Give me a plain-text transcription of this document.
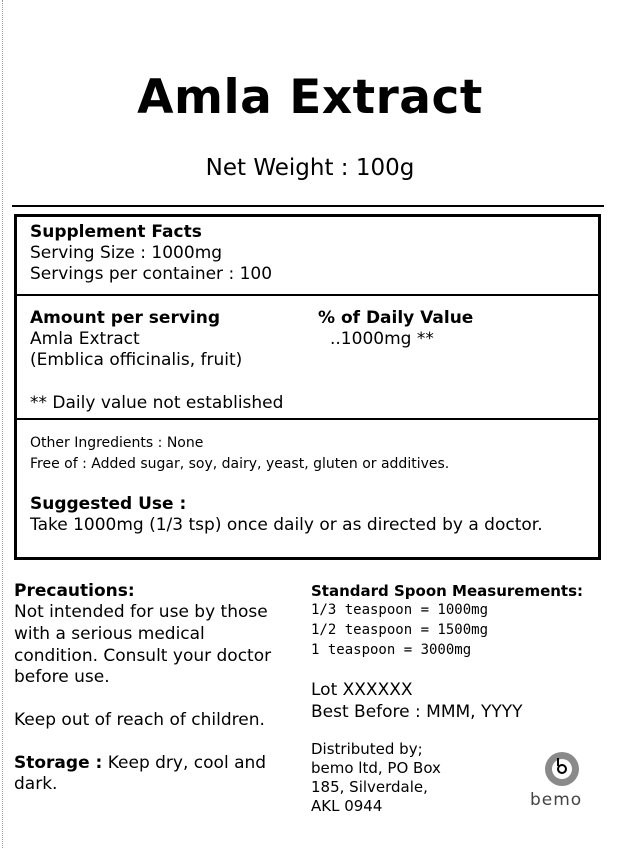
Amla Extract
Net Weight : 100g
Supplement Facts
Serving Size : 1000mg
Servings per container : 100
Amount per serving	% of Daily Value
Amla Extract	..1000mg **
(Emblica officinalis, fruit)
** Daily value not established
Other Ingredients : None
Free of : Added sugar, soy, dairy, yeast, gluten or additives.
Suggested Use :
Take 1000mg (1/3 tsp) once daily or as directed by a doctor.
Precautions:
Not intended for use by those
with a serious medical
condition. Consult your doctor
before use.
Keep out of reach of children.
Storage : Keep dry, cool and
dark.
Standard Spoon Measurements:
1/3 teaspoon = 1000mg
1/2 teaspoon = 1500mg
1 teaspoon = 3000mg
Lot XXXXXX
Best Before : MMM, YYYY
Distributed by;
bemo ltd, PO Box
185, Silverdale,
AKL 0944	bemo
